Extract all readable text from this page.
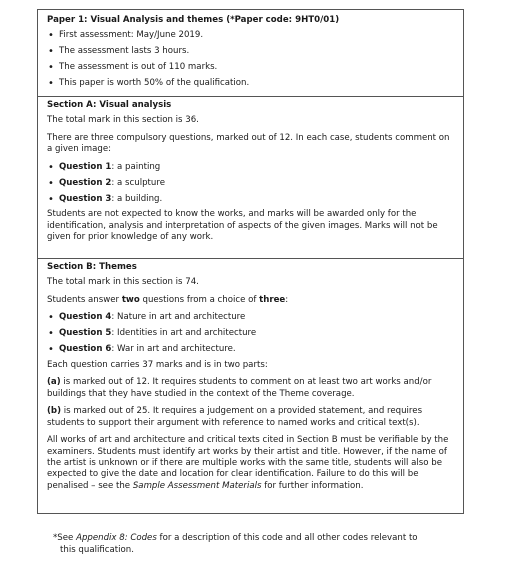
Paper 1: Visual Analysis and themes (*Paper code: 9HT0/01)
• First assessment: May/June 2019.
• The assessment lasts 3 hours.
• The assessment is out of 110 marks.
• This paper is worth 50% of the qualification.
Section A: Visual analysis
The total mark in this section is 36.
There are three compulsory questions, marked out of 12. In each case, students comment on a given image:
• Question 1: a painting
• Question 2: a sculpture
• Question 3: a building.
Students are not expected to know the works, and marks will be awarded only for the identification, analysis and interpretation of aspects of the given images. Marks will not be given for prior knowledge of any work.
Section B: Themes
The total mark in this section is 74.
Students answer two questions from a choice of three:
• Question 4: Nature in art and architecture
• Question 5: Identities in art and architecture
• Question 6: War in art and architecture.
Each question carries 37 marks and is in two parts:
(a) is marked out of 12. It requires students to comment on at least two art works and/or buildings that they have studied in the context of the Theme coverage.
(b) is marked out of 25. It requires a judgement on a provided statement, and requires students to support their argument with reference to named works and critical text(s).
All works of art and architecture and critical texts cited in Section B must be verifiable by the examiners. Students must identify art works by their artist and title. However, if the name of the artist is unknown or if there are multiple works with the same title, students will also be expected to give the date and location for clear identification. Failure to do this will be penalised – see the Sample Assessment Materials for further information.
*See Appendix 8: Codes for a description of this code and all other codes relevant to
this qualification.
